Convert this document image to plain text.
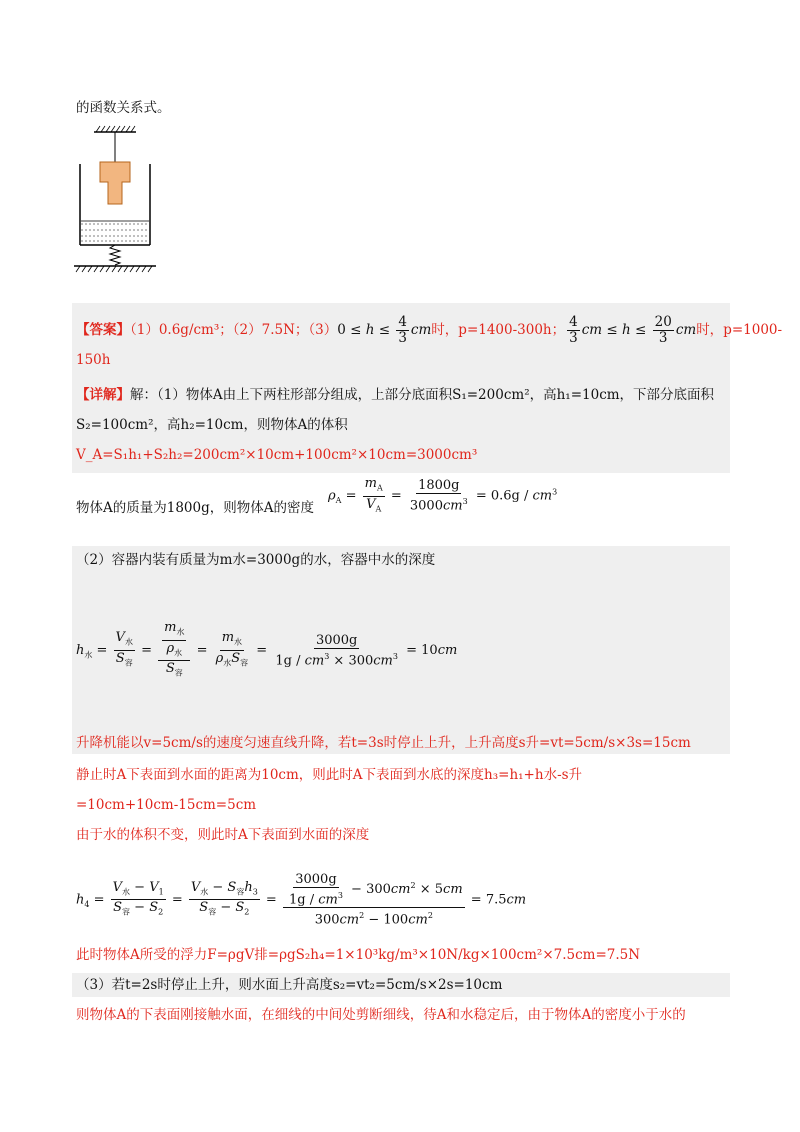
的函数关系式。
【答案】（1）0.6g/cm³；（2）7.5N；$(3)0 \le h \le \frac{4}{3}$ cm时，p=1400-300h； $\frac{4}{3}$ cm ≤ $h \le \frac{20}{3}$ cm时，p=1000-
150h
【详解】解：（1）物体A由上下两柱形部分组成，上部分底面积S₁=200cm²，高h₁=10cm，下部分底面积
S₂=100cm²，高h₂=10cm，则物体A的体积
V_A=S₁h₁+S₂h₂=200cm²×10cm+100cm²×10cm=3000cm³
物体A的质量为1800g，则物体A的密度
$\rho_A = \frac{m_A}{V_A} = \frac{1800g}{3000cm^3} = 0.6g / cm^3$
（2）容器内装有质量为m水=3000g的水，容器中水的深度
$h_水 = \frac{V_水}{S_容} = \frac{\frac{m_水}{\rho_水}}{S_容} = \frac{m_水}{\rho_水S_容} = \frac{3000g}{1g / cm^3 \times 300cm^3} = 10cm$
升降机能以v=5cm/s的速度匀速直线升降，若t=3s时停止上升，上升高度s升=vt=5cm/s×3s=15cm
静止时A下表面到水面的距离为10cm，则此时A下表面到水底的深度h₃=h₁+h水-s升
=10cm+10cm-15cm=5cm
由于水的体积不变，则此时A下表面到水面的深度
$h_4 = \frac{V_水 - V_1}{S_容 - S_2} = \frac{V_水 - S_容h_3}{S_容 - S_2} = \frac{\frac{3000g}{1g / cm^3} - 300cm^2 \times 5cm}{300cm^2 - 100cm^2} = 7.5cm$
此时物体A所受的浮力F=ρgV排=ρgS₂h₄=1×10³kg/m³×10N/kg×100cm²×7.5cm=7.5N
（3）若t=2s时停止上升，则水面上升高度s₂=vt₂=5cm/s×2s=10cm
则物体A的下表面刚接触水面，在细线的中间处剪断细线，待A和水稳定后，由于物体A的密度小于水的
